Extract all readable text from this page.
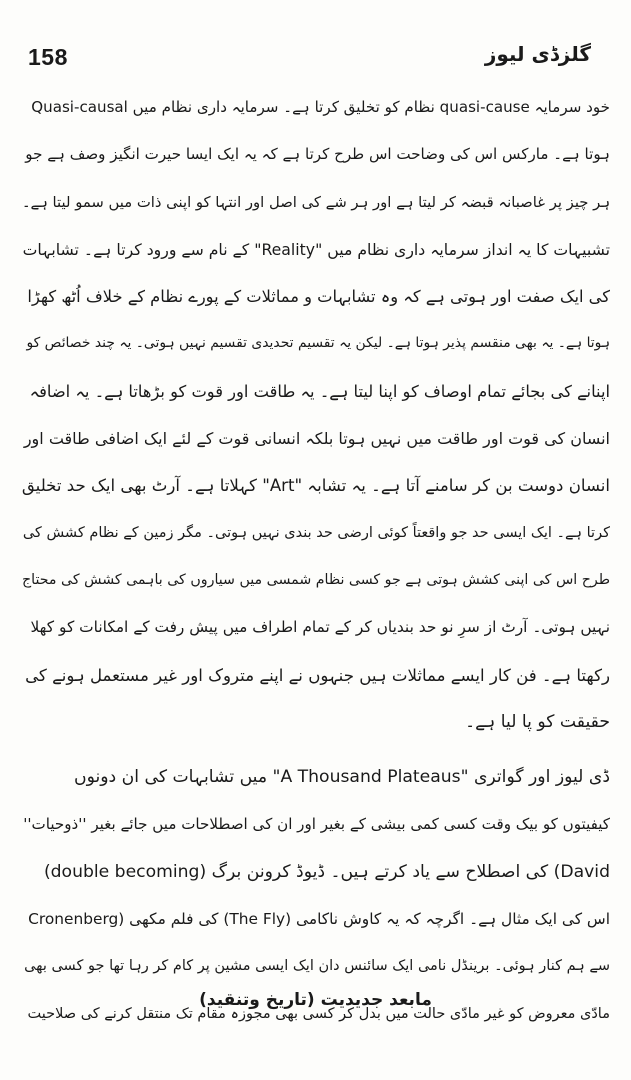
158	گلزڈی لیوز
Quasi-causal نظام کو تخلیق کرتا ہے۔ سرمایہ داری نظام میں quasi-cause خود سرمایہ
ہوتا ہے۔ مارکس اس کی وضاحت اس طرح کرتا ہے کہ یہ ایک ایسا حیرت انگیز وصف ہے جو
ہر چیز پر غاصبانہ قبضہ کر لیتا ہے اور ہر شے کی اصل اور انتہا کو اپنی ذات میں سمو لیتا ہے۔
تشبیہات کا یہ انداز سرمایہ داری نظام میں "Reality" کے نام سے ورود کرتا ہے۔ تشابہات
کی ایک صفت اور ہوتی ہے کہ وہ تشابہات و مماثلات کے پورے نظام کے خلاف اُٹھ کھڑا
ہوتا ہے۔ یہ بھی منقسم پذیر ہوتا ہے۔ لیکن یہ تقسیم تحدیدی تقسیم نہیں ہوتی۔ یہ چند خصائص کو
اپنانے کی بجائے تمام اوصاف کو اپنا لیتا ہے۔ یہ طاقت اور قوت کو بڑھاتا ہے۔ یہ اضافہ
انسان کی قوت اور طاقت میں نہیں ہوتا بلکہ انسانی قوت کے لئے ایک اضافی طاقت اور
انسان دوست بن کر سامنے آتا ہے۔ یہ تشابہ "Art" کہلاتا ہے۔ آرٹ بھی ایک حد تخلیق
کرتا ہے۔ ایک ایسی حد جو واقعتاً کوئی ارضی حد بندی نہیں ہوتی۔ مگر زمین کے نظام کشش کی
طرح اس کی اپنی کشش ہوتی ہے جو کسی نظام شمسی میں سیاروں کی باہمی کشش کی محتاج
نہیں ہوتی۔ آرٹ از سرِ نو حد بندیاں کر کے تمام اطراف میں پیش رفت کے امکانات کو کھلا
رکھتا ہے۔ فن کار ایسے مماثلات ہیں جنہوں نے اپنے متروک اور غیر مستعمل ہونے کی
حقیقت کو پا لیا ہے۔
ڈی لیوز اور گواتری "A Thousand Plateaus" میں تشابہات کی ان دونوں
کیفیتوں کو بیک وقت کسی کمی بیشی کے بغیر اور ان کی اصطلاحات میں جائے بغیر ''ذوحیات''
(double becoming) کی اصطلاح سے یاد کرتے ہیں۔ ڈیوڈ کرونن برگ (David
Cronenberg) کی فلم مکھی (The Fly) اس کی ایک مثال ہے۔ اگرچہ کہ یہ کاوش ناکامی
سے ہم کنار ہوئی۔ برینڈل نامی ایک سائنس دان ایک ایسی مشین پر کام کر رہا تھا جو کسی بھی
مادّی معروض کو غیر مادّی حالت میں بدل کر کسی بھی مجوزہ مقام تک منتقل کرنے کی صلاحیت
مابعد جدیدیت (تاریخ وتنقید)
